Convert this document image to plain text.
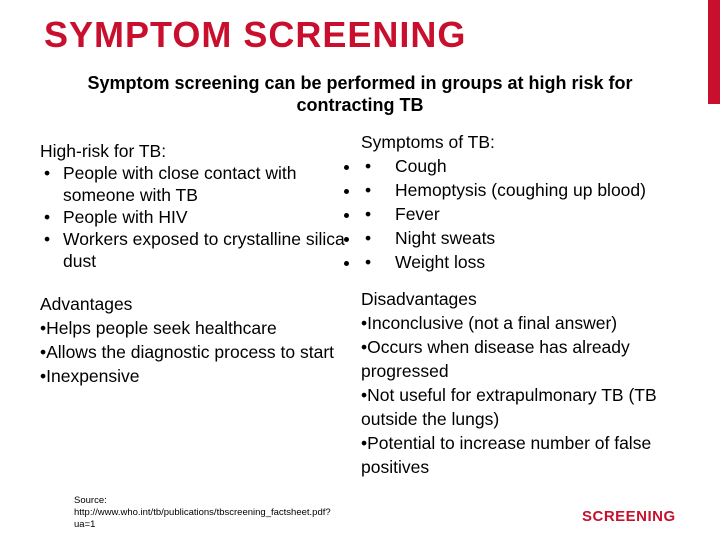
SYMPTOM SCREENING
Symptom screening can be performed in groups at high risk for contracting TB
High-risk for TB:
• People with close contact with someone with TB
• People with HIV
• Workers exposed to crystalline silica dust
Symptoms of TB:
• • Cough
• • Hemoptysis (coughing up blood)
• • Fever
• • Night sweats
• • Weight loss
Advantages
•Helps people seek healthcare
•Allows the diagnostic process to start
•Inexpensive
Disadvantages
•Inconclusive (not a final answer)
•Occurs when disease has already progressed
•Not useful for extrapulmonary TB (TB outside the lungs)
•Potential to increase number of false positives
Source: http://www.who.int/tb/publications/tbscreening_factsheet.pdf?ua=1	SCREENING
